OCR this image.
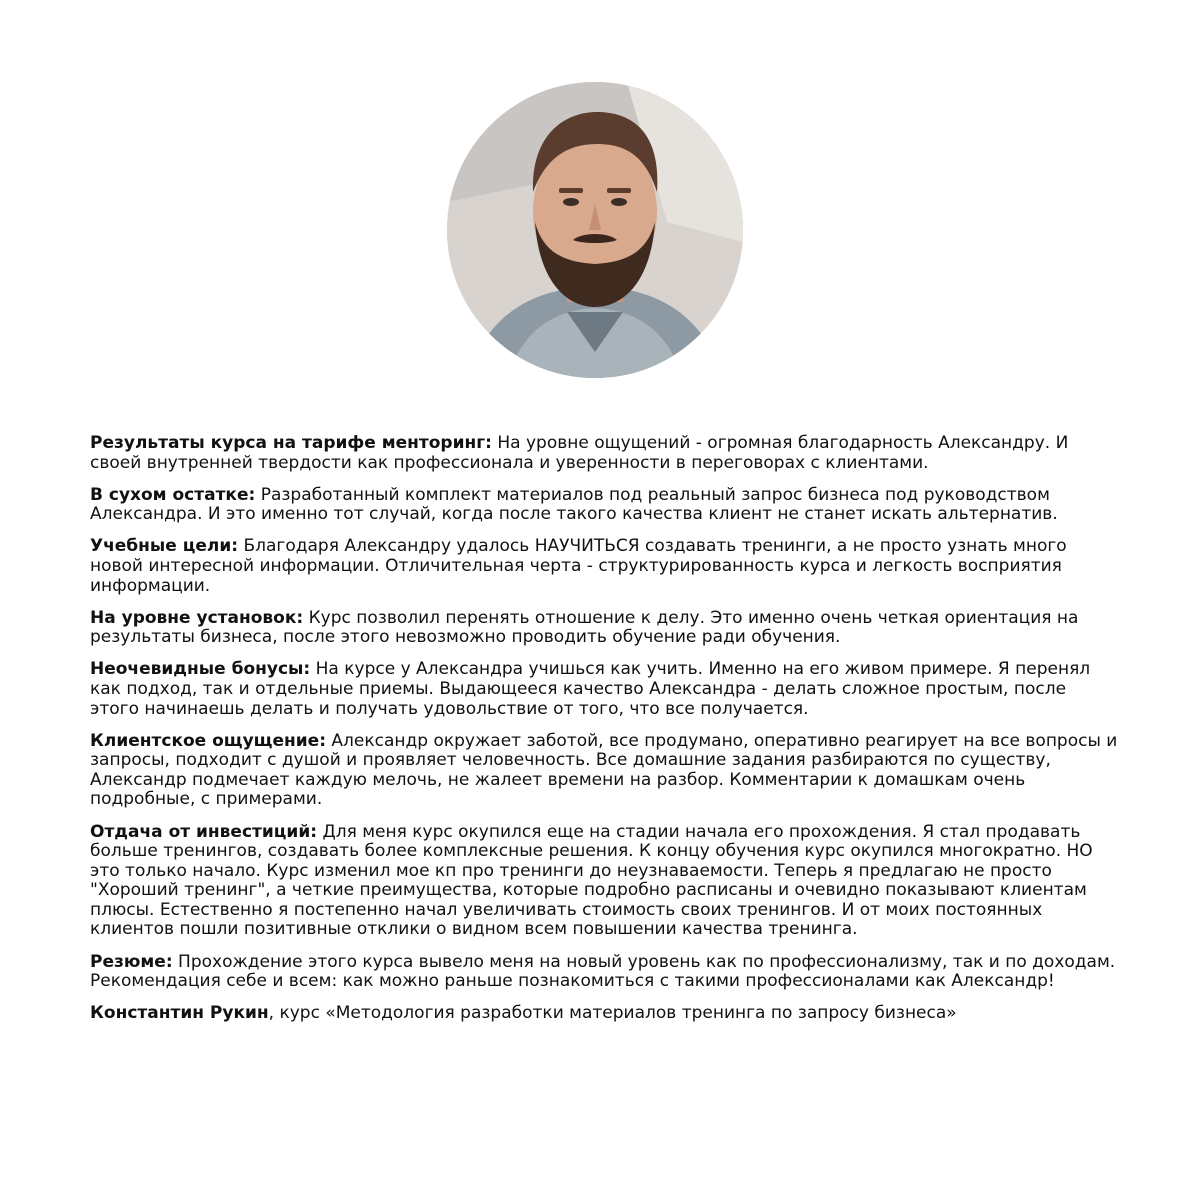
Результаты курса на тарифе менторинг: На уровне ощущений - огромная благодарность Александру. И своей внутренней твердости как профессионала и уверенности в переговорах с клиентами.

В сухом остатке: Разработанный комплект материалов под реальный запрос бизнеса под руководством Александра. И это именно тот случай, когда после такого качества клиент не станет искать альтернатив.

Учебные цели: Благодаря Александру удалось НАУЧИТЬСЯ создавать тренинги, а не просто узнать много новой интересной информации. Отличительная черта - структурированность курса и легкость восприятия информации.

На уровне установок: Курс позволил перенять отношение к делу. Это именно очень четкая ориентация на результаты бизнеса, после этого невозможно проводить обучение ради обучения.

Неочевидные бонусы: На курсе у Александра учишься как учить. Именно на его живом примере. Я перенял как подход, так и отдельные приемы. Выдающееся качество Александра - делать сложное простым, после этого начинаешь делать и получать удовольствие от того, что все получается.

Клиентское ощущение: Александр окружает заботой, все продумано, оперативно реагирует на все вопросы и запросы, подходит с душой и проявляет человечность. Все домашние задания разбираются по существу, Александр подмечает каждую мелочь, не жалеет времени на разбор. Комментарии к домашкам очень подробные, с примерами.

Отдача от инвестиций: Для меня курс окупился еще на стадии начала его прохождения. Я стал продавать больше тренингов, создавать более комплексные решения. К концу обучения курс окупился многократно. НО это только начало. Курс изменил мое кп про тренинги до неузнаваемости. Теперь я предлагаю не просто "Хороший тренинг", а четкие преимущества, которые подробно расписаны и очевидно показывают клиентам плюсы. Естественно я постепенно начал увеличивать стоимость своих тренингов. И от моих постоянных клиентов пошли позитивные отклики о видном всем повышении качества тренинга.

Резюме: Прохождение этого курса вывело меня на новый уровень как по профессионализму, так и по доходам. Рекомендация себе и всем: как можно раньше познакомиться с такими профессионалами как Александр!

Константин Рукин, курс «Методология разработки материалов тренинга по запросу бизнеса»
